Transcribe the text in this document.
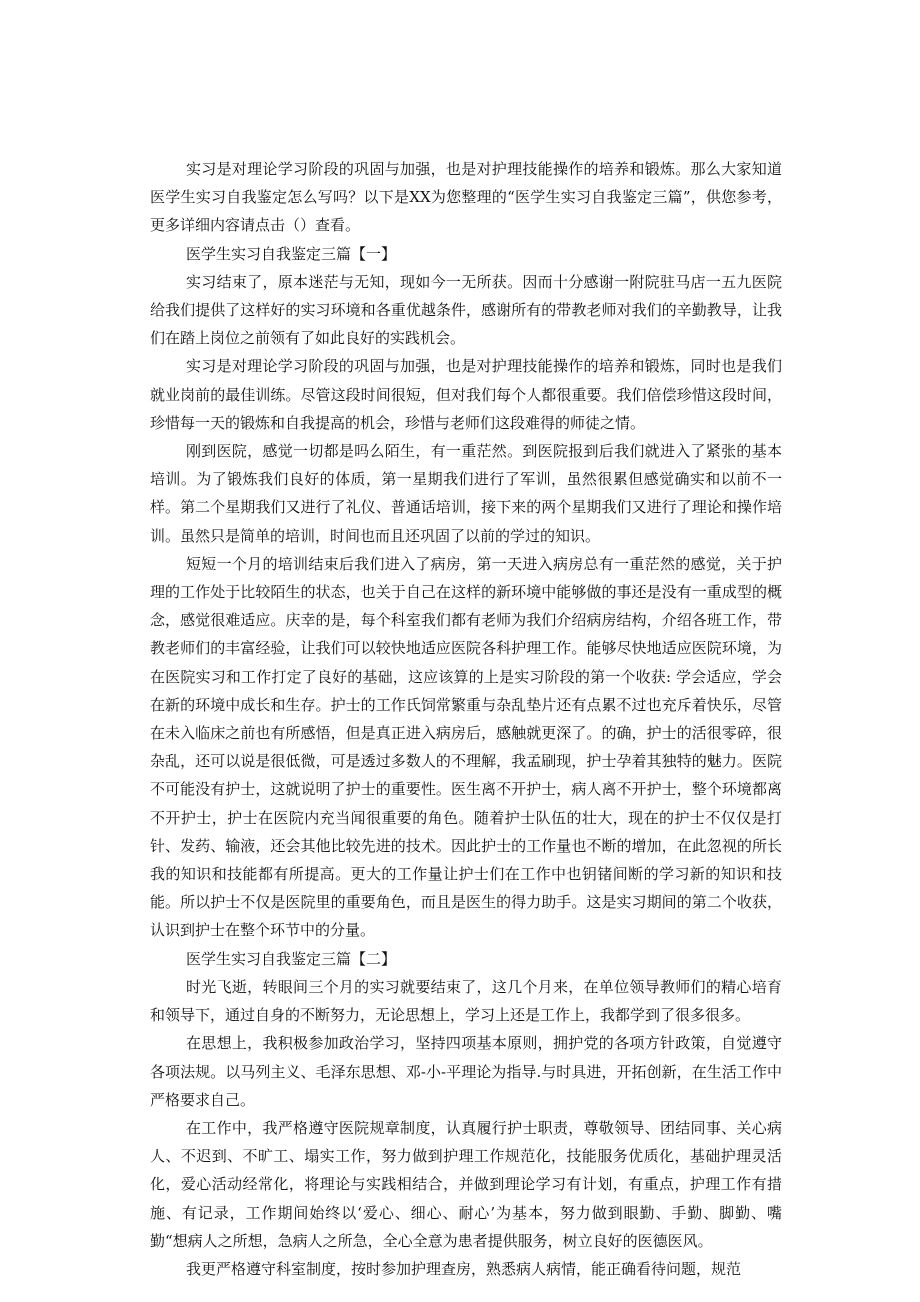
实习是对理论学习阶段的巩固与加强，也是对护理技能操作的培养和锻炼。那么大家知道医学生实习自我鉴定怎么写吗？以下是XX为您整理的“医学生实习自我鉴定三篇”，供您参考，更多详细内容请点击（）查看。

医学生实习自我鉴定三篇【一】

实习结束了，原本迷茫与无知，现如今一无所获。因而十分感谢一附院驻马店一五九医院给我们提供了这样好的实习环境和各重优越条件，感谢所有的带教老师对我们的辛勤教导，让我们在踏上岗位之前领有了如此良好的实践机会。

实习是对理论学习阶段的巩固与加强，也是对护理技能操作的培养和锻炼，同时也是我们就业岗前的最佳训练。尽管这段时间很短，但对我们每个人都很重要。我们倍偿珍惜这段时间，珍惜每一天的锻炼和自我提高的机会，珍惜与老师们这段难得的师徒之情。

刚到医院，感觉一切都是吗么陌生，有一重茫然。到医院报到后我们就进入了紧张的基本培训。为了锻炼我们良好的体质，第一星期我们进行了军训，虽然很累但感觉确实和以前不一样。第二个星期我们又进行了礼仪、普通话培训，接下来的两个星期我们又进行了理论和操作培训。虽然只是简单的培训，时间也而且还巩固了以前的学过的知识。

短短一个月的培训结束后我们进入了病房，第一天进入病房总有一重茫然的感觉，关于护理的工作处于比较陌生的状态，也关于自己在这样的新环境中能够做的事还是没有一重成型的概念，感觉很难适应。庆幸的是，每个科室我们都有老师为我们介绍病房结构，介绍各班工作，带教老师们的丰富经验，让我们可以较快地适应医院各科护理工作。能够尽快地适应医院环境，为在医院实习和工作打定了良好的基础，这应该算的上是实习阶段的第一个收获: 学会适应，学会在新的环境中成长和生存。护士的工作氏饲常繁重与杂乱垫片还有点累不过也充斥着快乐，尽管在未入临床之前也有所感悟，但是真正进入病房后，感触就更深了。的确，护士的活很零碎，很杂乱，还可以说是很低微，可是透过多数人的不理解，我孟刷现，护士孕着其独特的魅力。医院不可能没有护士，这就说明了护士的重要性。医生离不开护士，病人离不开护士，整个环境都离不开护士，护士在医院内充当闻很重要的角色。随着护士队伍的壮大，现在的护士不仅仅是打针、发药、输液，还会其他比较先进的技术。因此护士的工作量也不断的增加，在此忽视的所长我的知识和技能都有所提高。更大的工作量让护士们在工作中也钥锗间断的学习新的知识和技能。所以护士不仅是医院里的重要角色，而且是医生的得力助手。这是实习期间的第二个收获，认识到护士在整个环节中的分量。

医学生实习自我鉴定三篇【二】

时光飞逝，转眼间三个月的实习就要结束了，这几个月来，在单位领导教师们的精心培育和领导下，通过自身的不断努力，无论思想上，学习上还是工作上，我都学到了很多很多。

在思想上，我积极参加政治学习，坚持四项基本原则，拥护党的各项方针政策，自觉遵守各项法规。以马列主义、毛泽东思想、邓-小-平理论为指导.与时具进，开拓创新，在生活工作中严格要求自己。

在工作中，我严格遵守医院规章制度，认真履行护士职责，尊敬领导、团结同事、关心病人、不迟到、不旷工、塌实工作，努力做到护理工作规范化，技能服务优质化，基础护理灵活化，爱心活动经常化，将理论与实践相结合，并做到理论学习有计划，有重点，护理工作有措施、有记录，工作期间始终以‘爱心、细心、耐心’为基本，努力做到眼勤、手勤、脚勤、嘴勤“想病人之所想，急病人之所急，全心全意为患者提供服务，树立良好的医德医风。

我更严格遵守科室制度，按时参加护理查房，熟悉病人病情，能正确看待问题，规范
